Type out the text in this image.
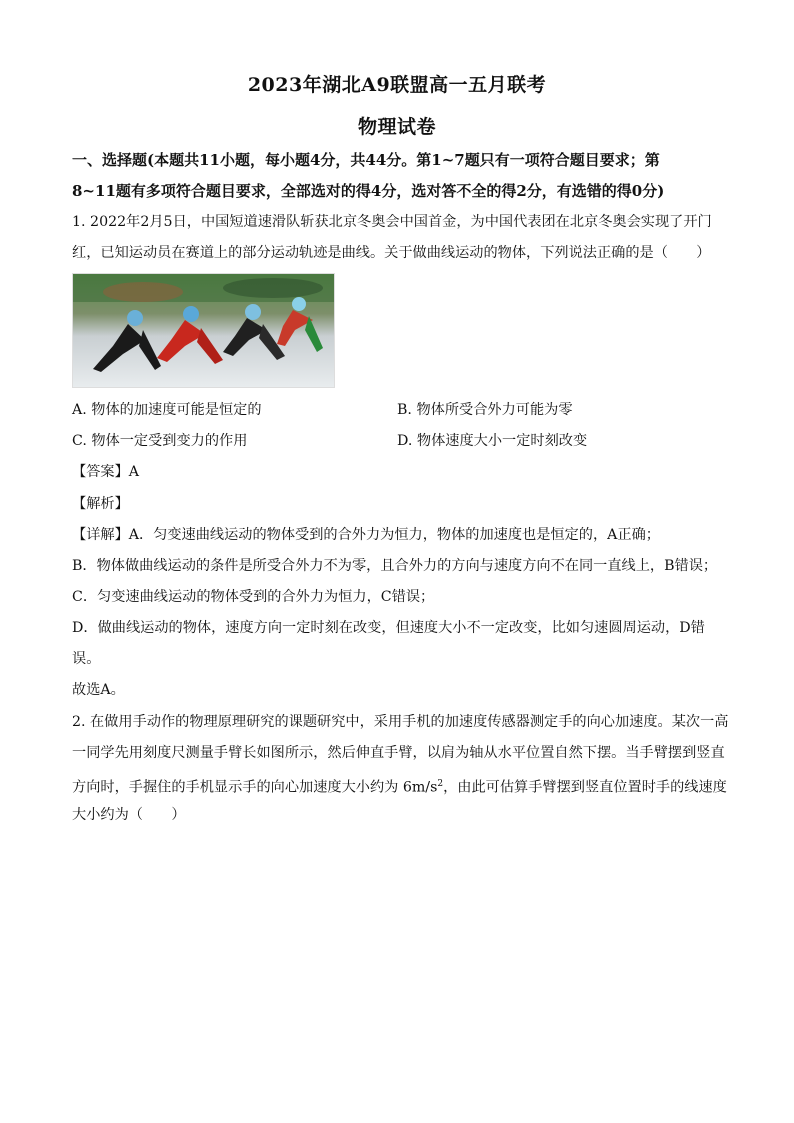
2023年湖北A9联盟高一五月联考
物理试卷
一、选择题(本题共11小题，每小题4分，共44分。第1~7题只有一项符合题目要求；第
8~11题有多项符合题目要求，全部选对的得4分，选对答不全的得2分，有选错的得0分)
1. 2022年2月5日，中国短道速滑队斩获北京冬奥会中国首金，为中国代表团在北京冬奥会实现了开门
红，已知运动员在赛道上的部分运动轨迹是曲线。关于做曲线运动的物体，下列说法正确的是（　　）
A. 物体的加速度可能是恒定的	B. 物体所受合外力可能为零
C. 物体一定受到变力的作用	D. 物体速度大小一定时刻改变
【答案】A
【解析】
【详解】A．匀变速曲线运动的物体受到的合外力为恒力，物体的加速度也是恒定的，A正确；
B．物体做曲线运动的条件是所受合外力不为零，且合外力的方向与速度方向不在同一直线上，B错误；
C．匀变速曲线运动的物体受到的合外力为恒力，C错误；
D．做曲线运动的物体，速度方向一定时刻在改变，但速度大小不一定改变，比如匀速圆周运动，D错
误。
故选A。
2. 在做用手动作的物理原理研究的课题研究中，采用手机的加速度传感器测定手的向心加速度。某次一高
一同学先用刻度尺测量手臂长如图所示，然后伸直手臂，以肩为轴从水平位置自然下摆。当手臂摆到竖直
方向时，手握住的手机显示手的向心加速度大小约为 $6m/s^2$，由此可估算手臂摆到竖直位置时手的线速度
大小约为（　　）
